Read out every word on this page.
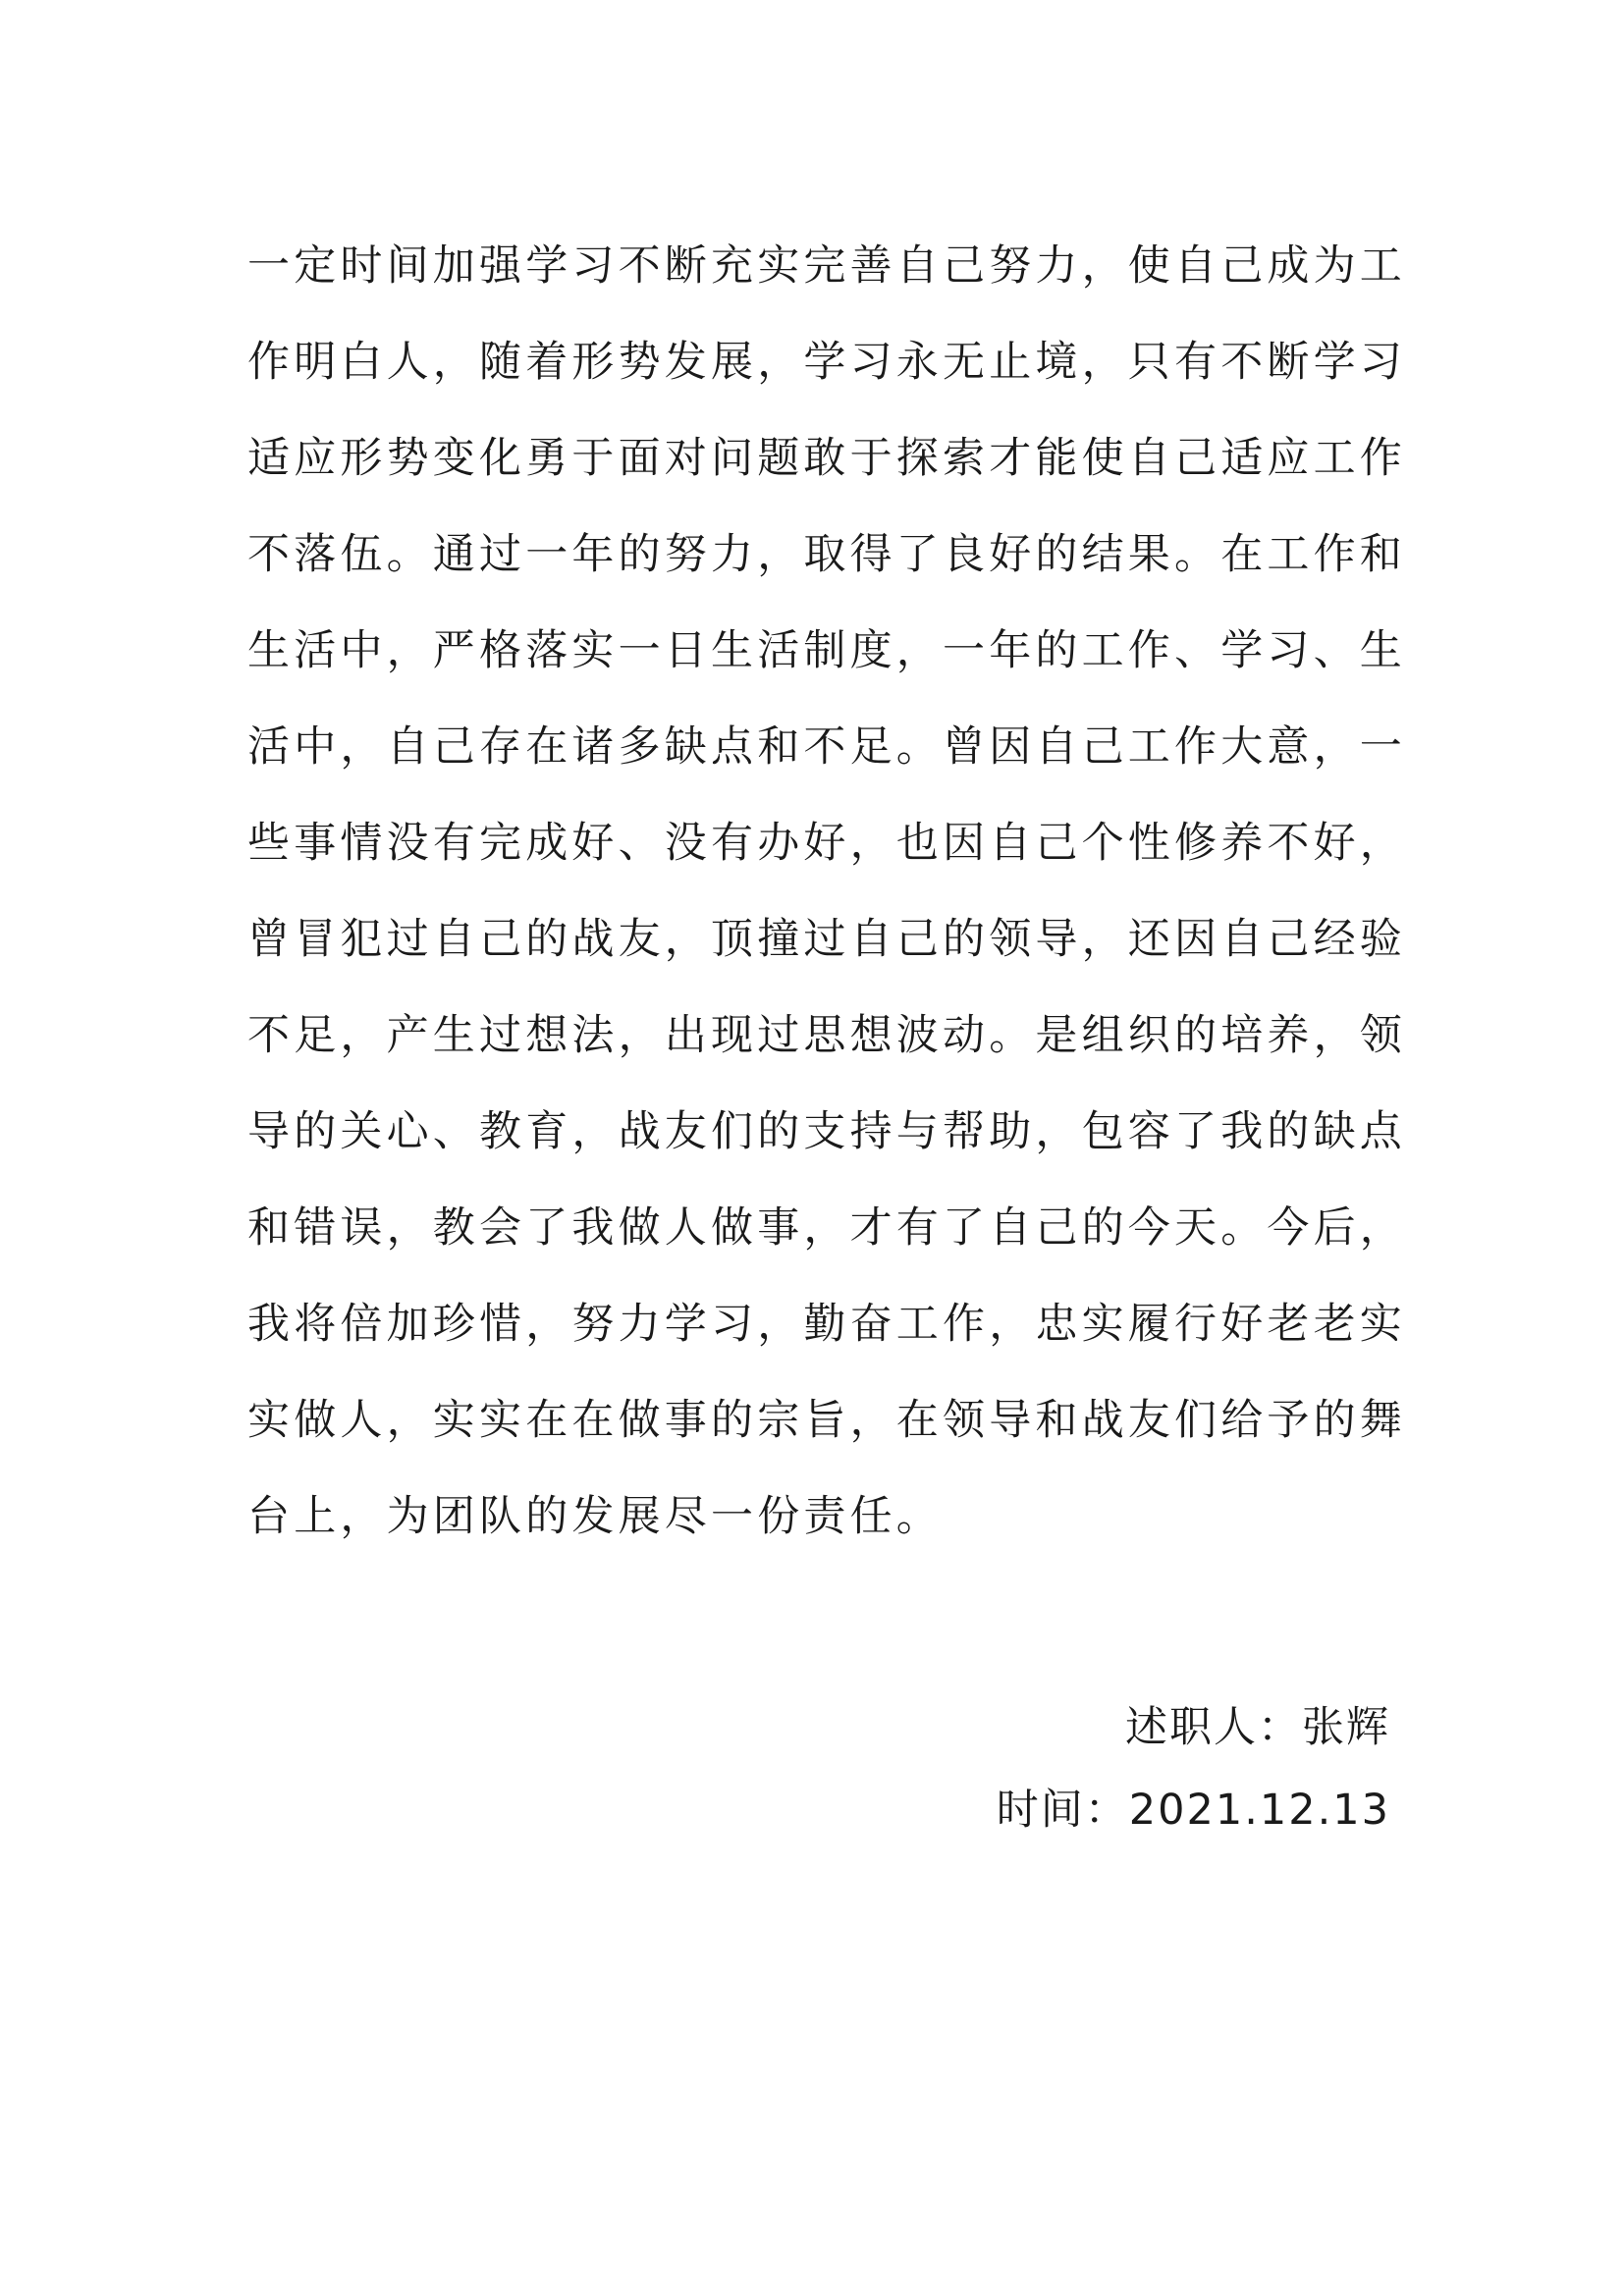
一定时间加强学习不断充实完善自己努力，使自己成为工
作明白人，随着形势发展，学习永无止境，只有不断学习
适应形势变化勇于面对问题敢于探索才能使自己适应工作
不落伍。通过一年的努力，取得了良好的结果。在工作和
生活中，严格落实一日生活制度，一年的工作、学习、生
活中，自己存在诸多缺点和不足。曾因自己工作大意，一
些事情没有完成好、没有办好，也因自己个性修养不好，
曾冒犯过自己的战友，顶撞过自己的领导，还因自己经验
不足，产生过想法，出现过思想波动。是组织的培养，领
导的关心、教育，战友们的支持与帮助，包容了我的缺点
和错误，教会了我做人做事，才有了自己的今天。今后，
我将倍加珍惜，努力学习，勤奋工作，忠实履行好老老实
实做人，实实在在做事的宗旨，在领导和战友们给予的舞
台上，为团队的发展尽一份责任。
述职人：张辉
时间：2021.12.13
